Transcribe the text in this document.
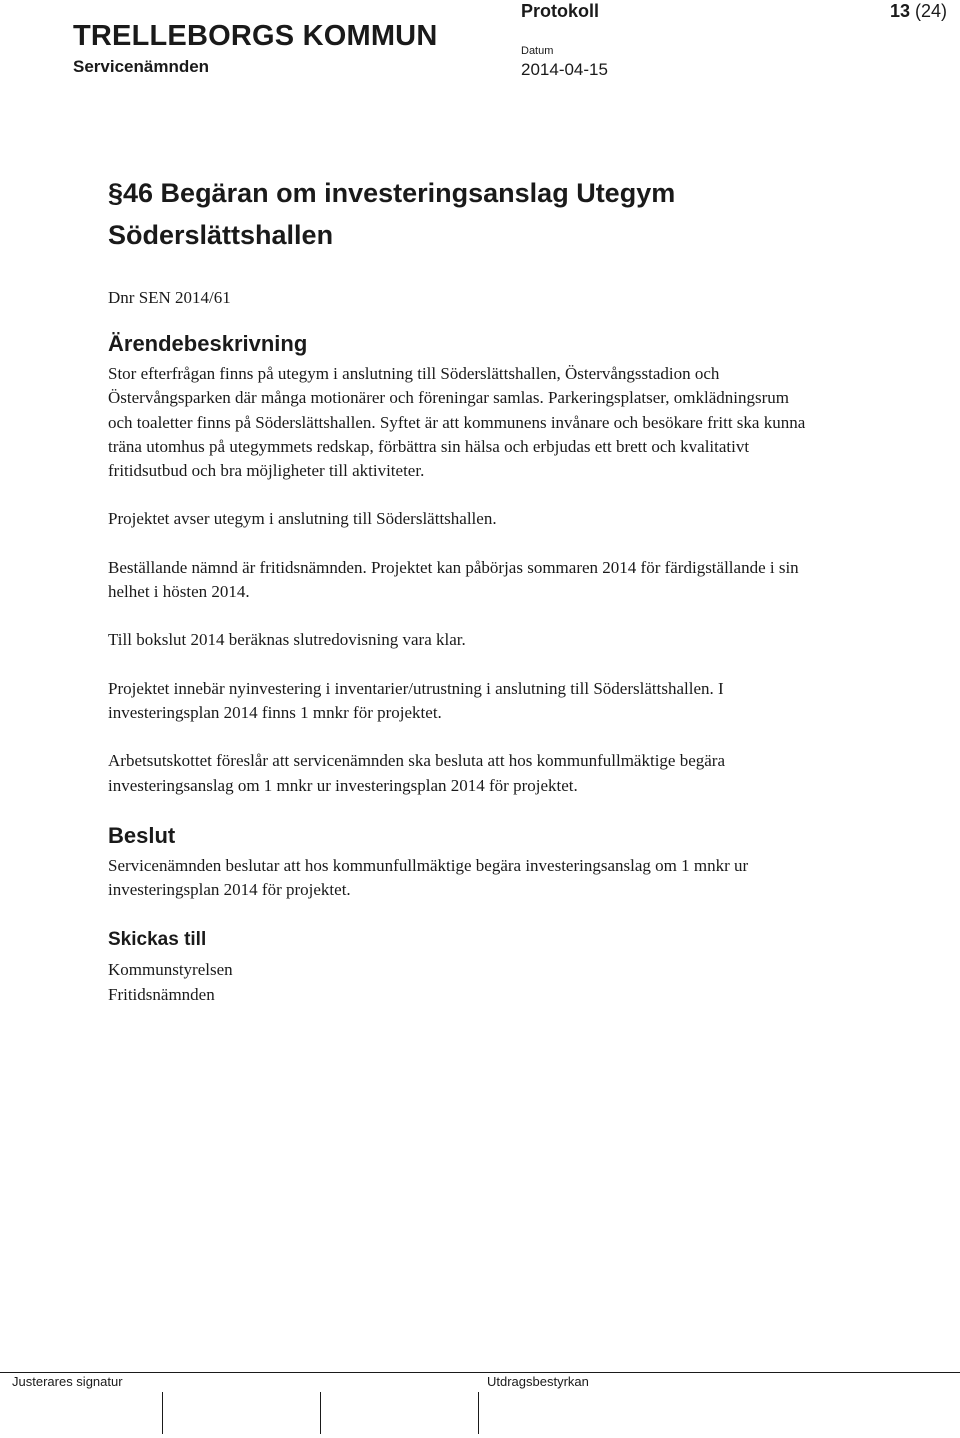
TRELLEBORGS KOMMUN
Servicenämnden
Protokoll
Datum
2014-04-15
13 (24)
§46 Begäran om investeringsanslag Utegym Söderslättshallen
Dnr SEN 2014/61
Ärendebeskrivning

Stor efterfrågan finns på utegym i anslutning till Söderslättshallen, Östervångsstadion och Östervångsparken där många motionärer och föreningar samlas. Parkeringsplatser, omklädningsrum och toaletter finns på Söderslättshallen. Syftet är att kommunens invånare och besökare fritt ska kunna träna utomhus på utegymmets redskap, förbättra sin hälsa och erbjudas ett brett och kvalitativt fritidsutbud och bra möjligheter till aktiviteter.

Projektet avser utegym i anslutning till Söderslättshallen.

Beställande nämnd är fritidsnämnden. Projektet kan påbörjas sommaren 2014 för färdigställande i sin helhet i hösten 2014.

Till bokslut 2014 beräknas slutredovisning vara klar.

Projektet innebär nyinvestering i inventarier/utrustning i anslutning till Söderslättshallen. I investeringsplan 2014 finns 1 mnkr för projektet.

Arbetsutskottet föreslår att servicenämnden ska besluta att hos kommunfullmäktige begära investeringsanslag om 1 mnkr ur investeringsplan 2014 för projektet.

Beslut

Servicenämnden beslutar att hos kommunfullmäktige begära investeringsanslag om 1 mnkr ur investeringsplan 2014 för projektet.

Skickas till
Kommunstyrelsen
Fritidsnämnden
Justerares signatur	Utdragsbestyrkan
